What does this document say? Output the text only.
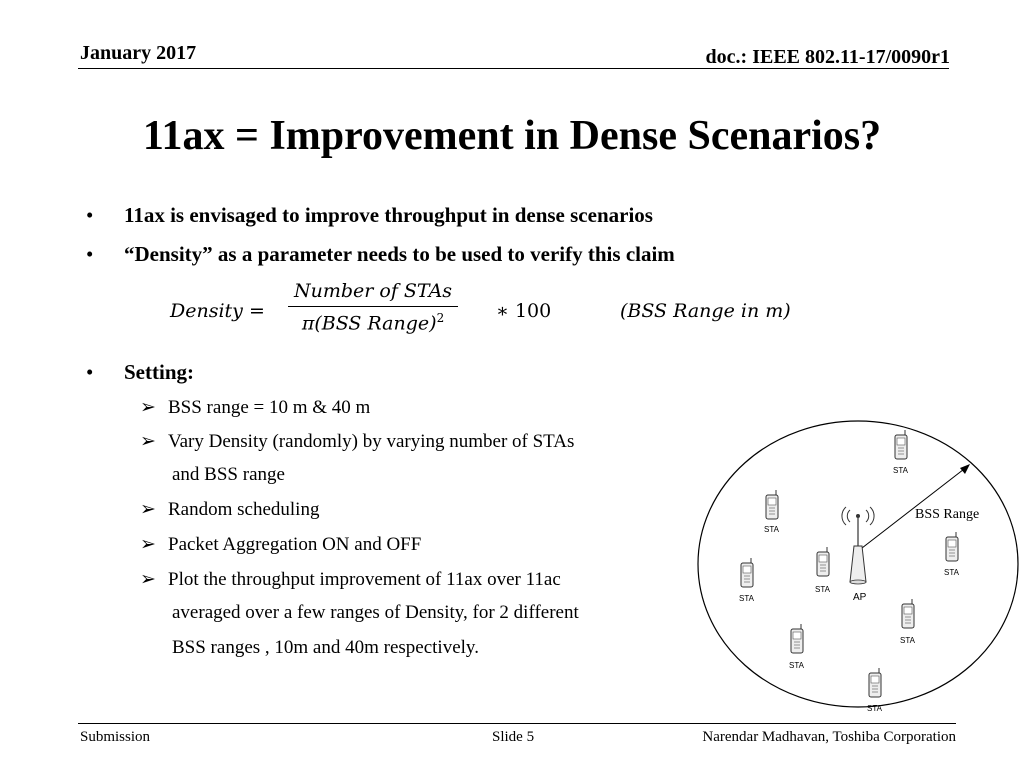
January 2017	doc.: IEEE 802.11-17/0090r1
11ax = Improvement in Dense Scenarios?
• 11ax is envisaged to improve throughput in dense scenarios
• “Density” as a parameter needs to be used to verify this claim
Density =
Number of STAs
π(BSS Range)$^2$	∗ 100	(BSS Range in m)
• Setting:
➢ BSS range = 10 m & 40 m
➢ Vary Density (randomly) by varying number of STAs
and BSS range
➢ Random scheduling
➢ Packet Aggregation ON and OFF
➢ Plot the throughput improvement of 11ax over 11ac
averaged over a few ranges of Density, for 2 different
BSS ranges , 10m and 40m respectively.
BSS Range
AP
STA
STA
STA
STA
STA
STA
STA
STA
Submission	Slide 5	Narendar Madhavan, Toshiba Corporation
